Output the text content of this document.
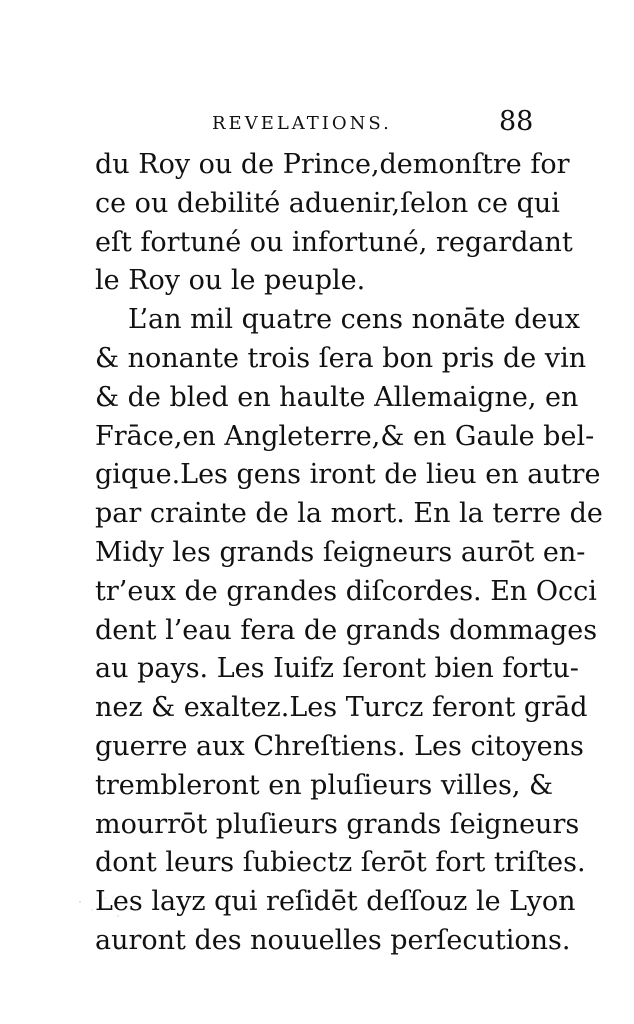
REVELATIONS.	88
du Roy ou de Prince,demonſtre for
ce ou debilité aduenir,ſelon ce qui
eſt fortuné ou infortuné, regardant
le Roy ou le peuple.
L’an mil quatre cens nonāte deux
& nonante trois ſera bon pris de vin
& de bled en haulte Allemaigne, en
Frāce,en Angleterre,& en Gaule bel-
gique.Les gens iront de lieu en autre
par crainte de la mort. En la terre de
Midy les grands ſeigneurs aurōt en-
tr’eux de grandes diſcordes. En Occi
dent l’eau fera de grands dommages
au pays. Les Iuifz ſeront bien fortu-
nez & exaltez.Les Turcz feront grād
guerre aux Chreſtiens. Les citoyens
trembleront en pluſieurs villes, &
mourrōt pluſieurs grands ſeigneurs
dont leurs ſubiectz ſerōt fort triſtes.
Les layz qui reſidēt deſſouz le Lyon
auront des nouuelles perſecutions.
